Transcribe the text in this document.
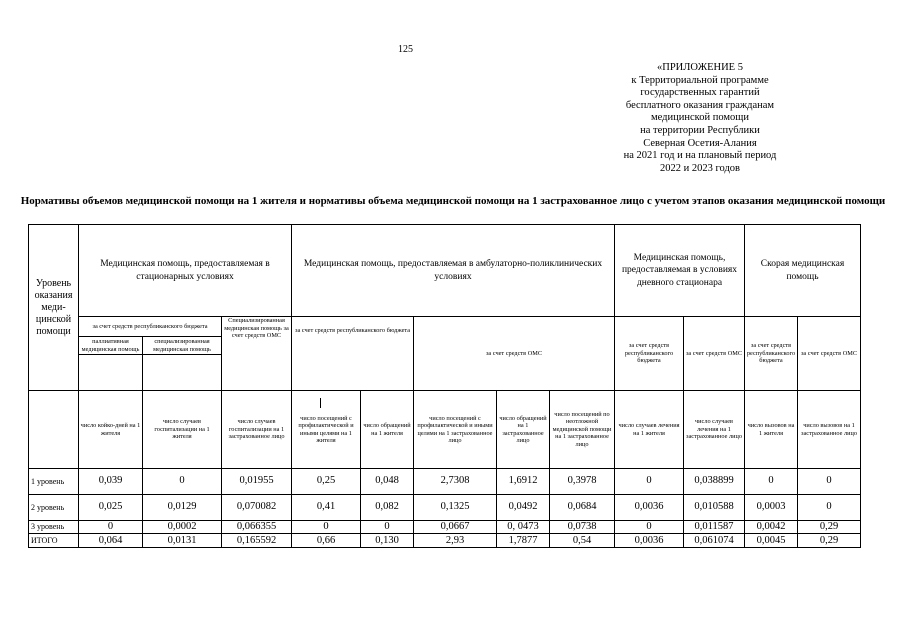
125
«ПРИЛОЖЕНИЕ 5
к Территориальной программе
государственных гарантий
бесплатного оказания гражданам
медицинской помощи
на территории Республики
Северная Осетия-Алания
на 2021 год и на плановый период
2022 и 2023 годов
Нормативы объемов медицинской помощи на 1 жителя и нормативы объема медицинской помощи на 1 застрахованное лицо с учетом этапов оказания медицинской помощи
Уровень оказания меди-цинской помощи	Медицинская помощь, предоставляемая в стационарных условиях			Медицинская помощь, предоставляемая в амбулаторно-поликлинических условиях					Медицинская помощь, предоставляемая в условиях дневного стационара		Скорая медицинская помощь	
	за счет средств республиканского бюджета		Специализированная медицинская помощь за счет средств ОМС	за счет средств республиканского бюджета		за счет средств ОМС			за счет средств республиканского бюджета	за счет средств ОМС	за счет средств республиканского бюджета	за счет средств ОМС
	паллиативная медицинская помощь	специализированная медицинская помощь										

	число койко-дней на 1 жителя	число случаев госпитализации на 1 жителя	число случаев госпитализации на 1 застрахованное лицо	число посещений с профилактической и иными целями на 1 жителя	число обращений на 1 жителя	число посещений с профилактической и иными целями на 1 застрахованное лицо	число обращений на 1 застрахованное лицо	число посещений по неотложной медицинской помощи на 1 застрахованное лицо	число случаев лечения на 1 жителя	число случаев лечения на 1 застрахованное лицо	число вызовов на 1 жителя	число вызовов на 1 застрахованное лицо
1 уровень	0,039	0	0,01955	0,25	0,048	2,7308	1,6912	0,3978	0	0,038899	0	0
2 уровень	0,025	0,0129	0,070082	0,41	0,082	0,1325	0,0492	0,0684	0,0036	0,010588	0,0003	0
3 уровень	0	0,0002	0,066355	0	0	0,0667	0, 0473	0,0738	0	0,011587	0,0042	0,29
ИТОГО	0,064	0,0131	0,165592	0,66	0,130	2,93	1,7877	0,54	0,0036	0,061074	0,0045	0,29
